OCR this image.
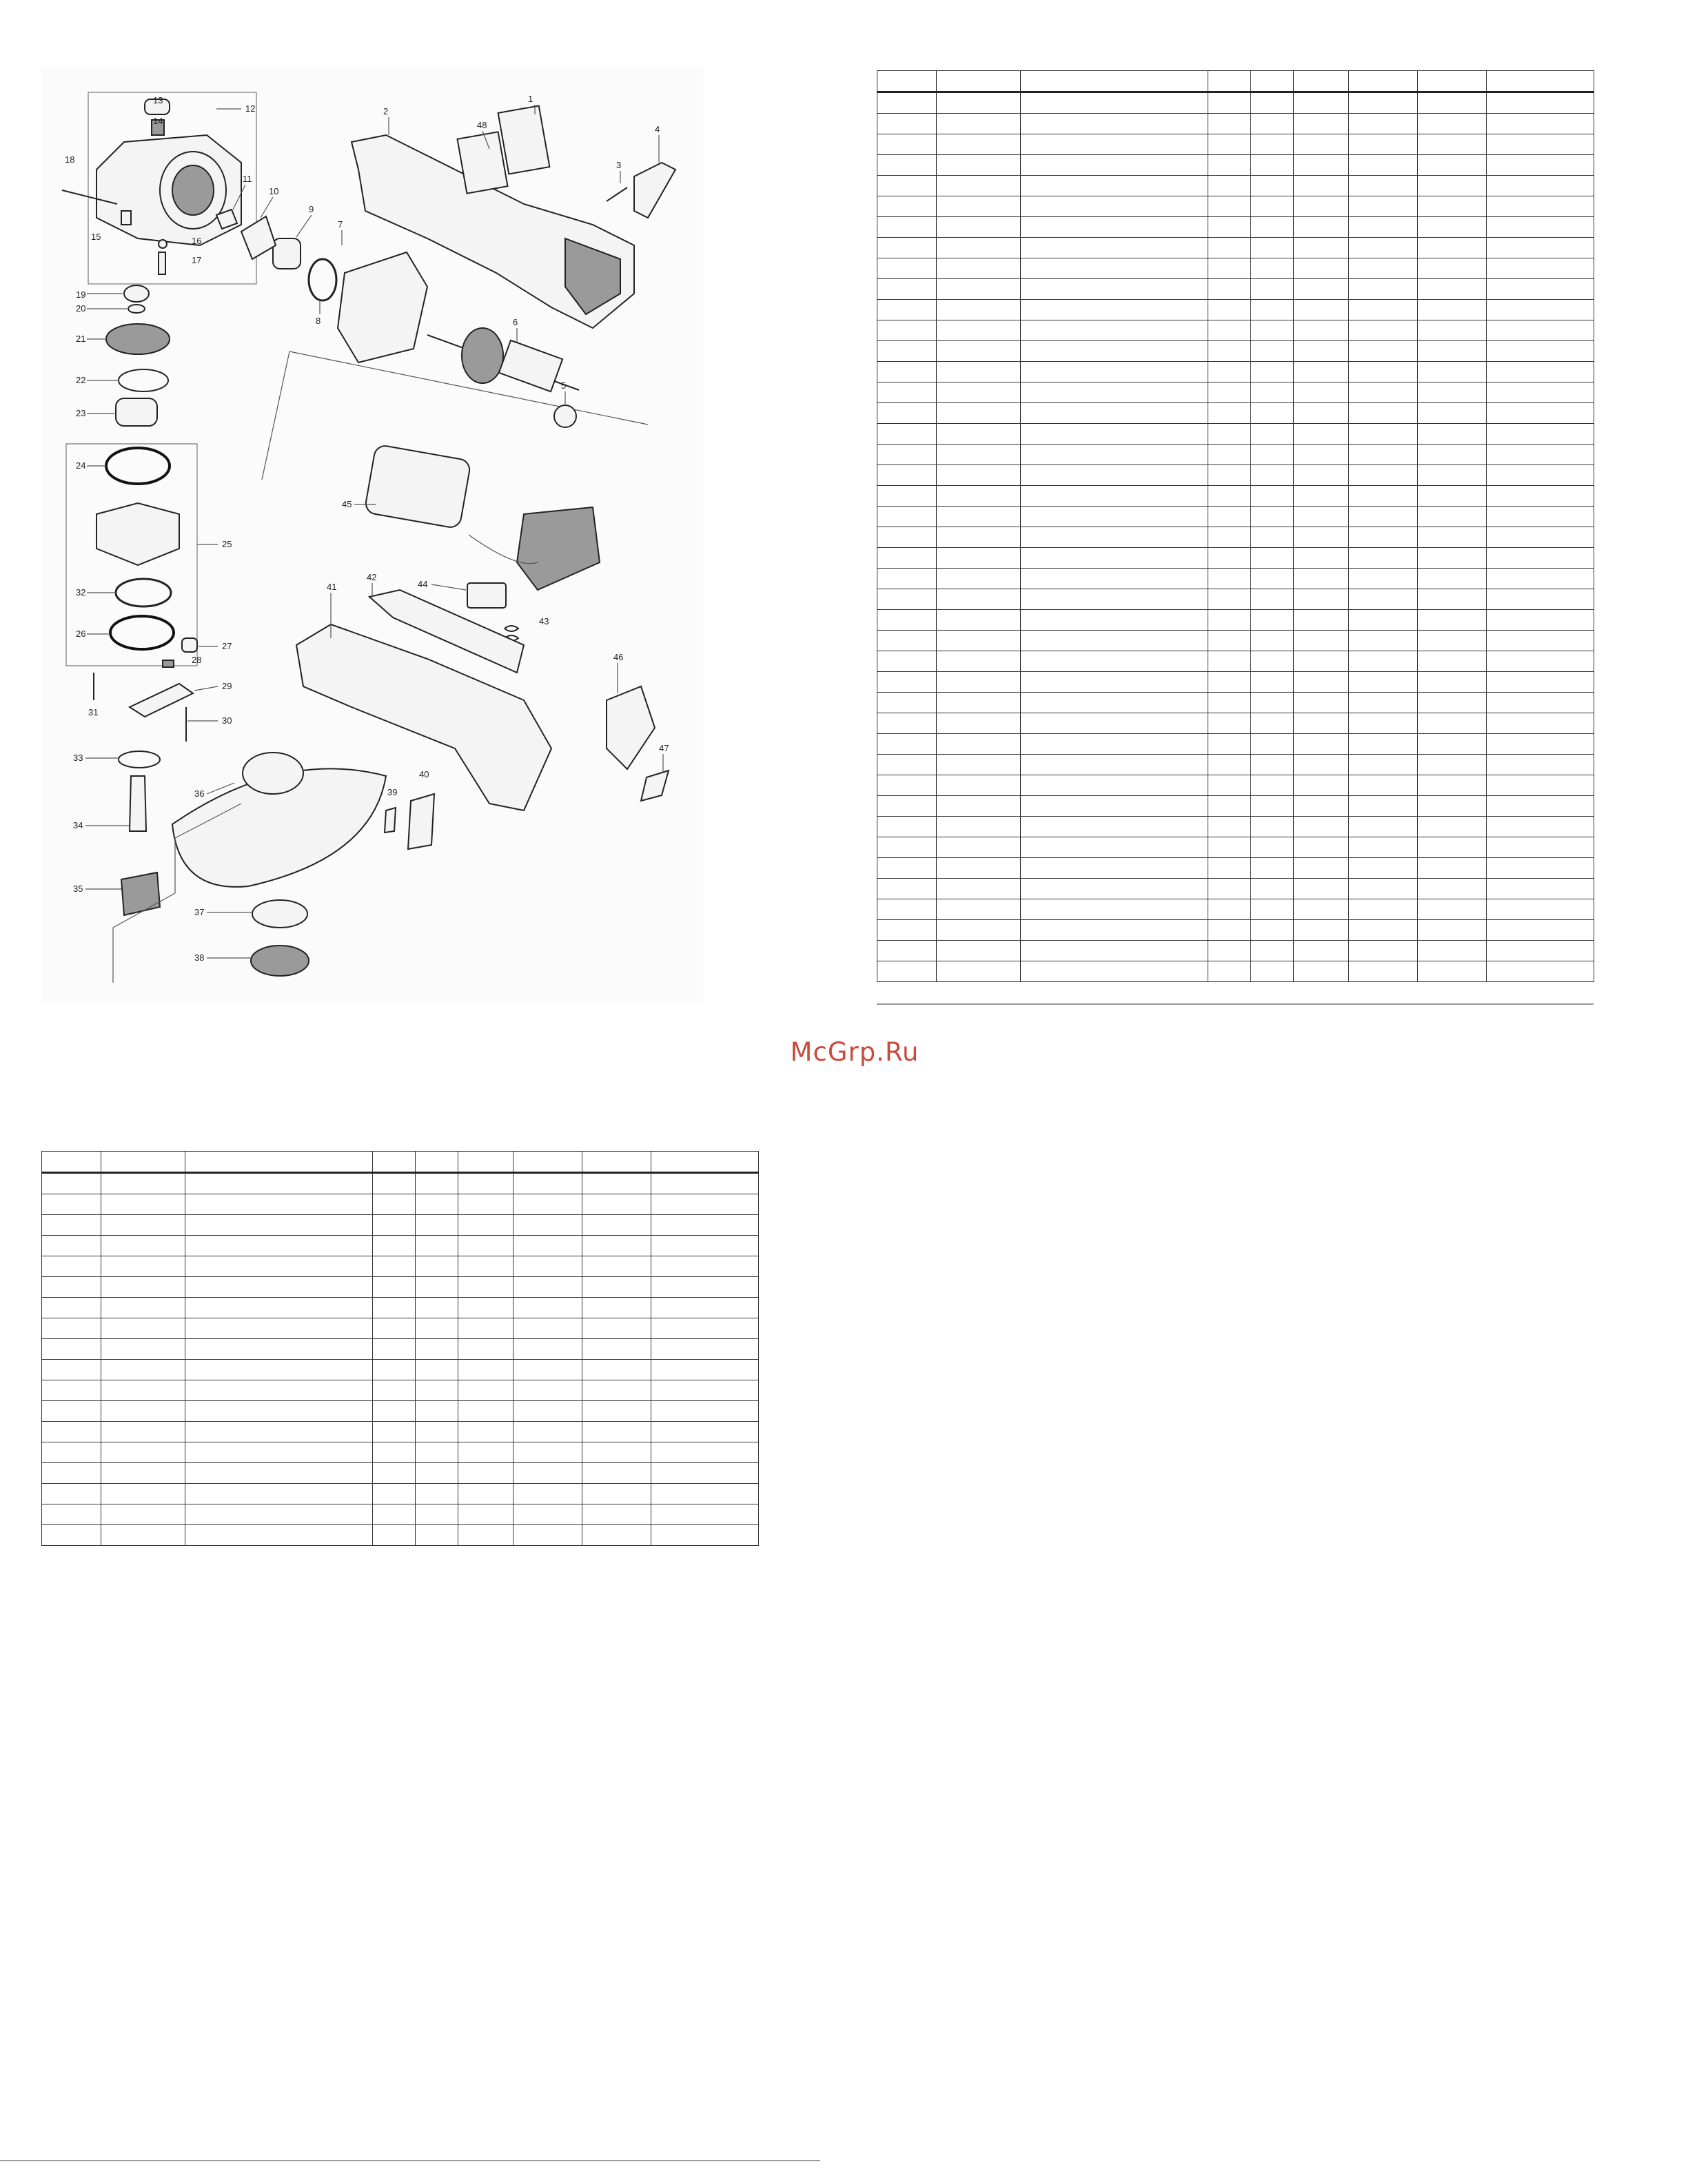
1
2
3
4
5
6
7
8
9
10
11
12
13
14
15	16
17
18
19
20
21
22
23
24
25
26
27
28
29
30
31
32
33
34
35
36
37
38
39
40
41
42
43
44
45
46
47
48

McGrp.Ru
